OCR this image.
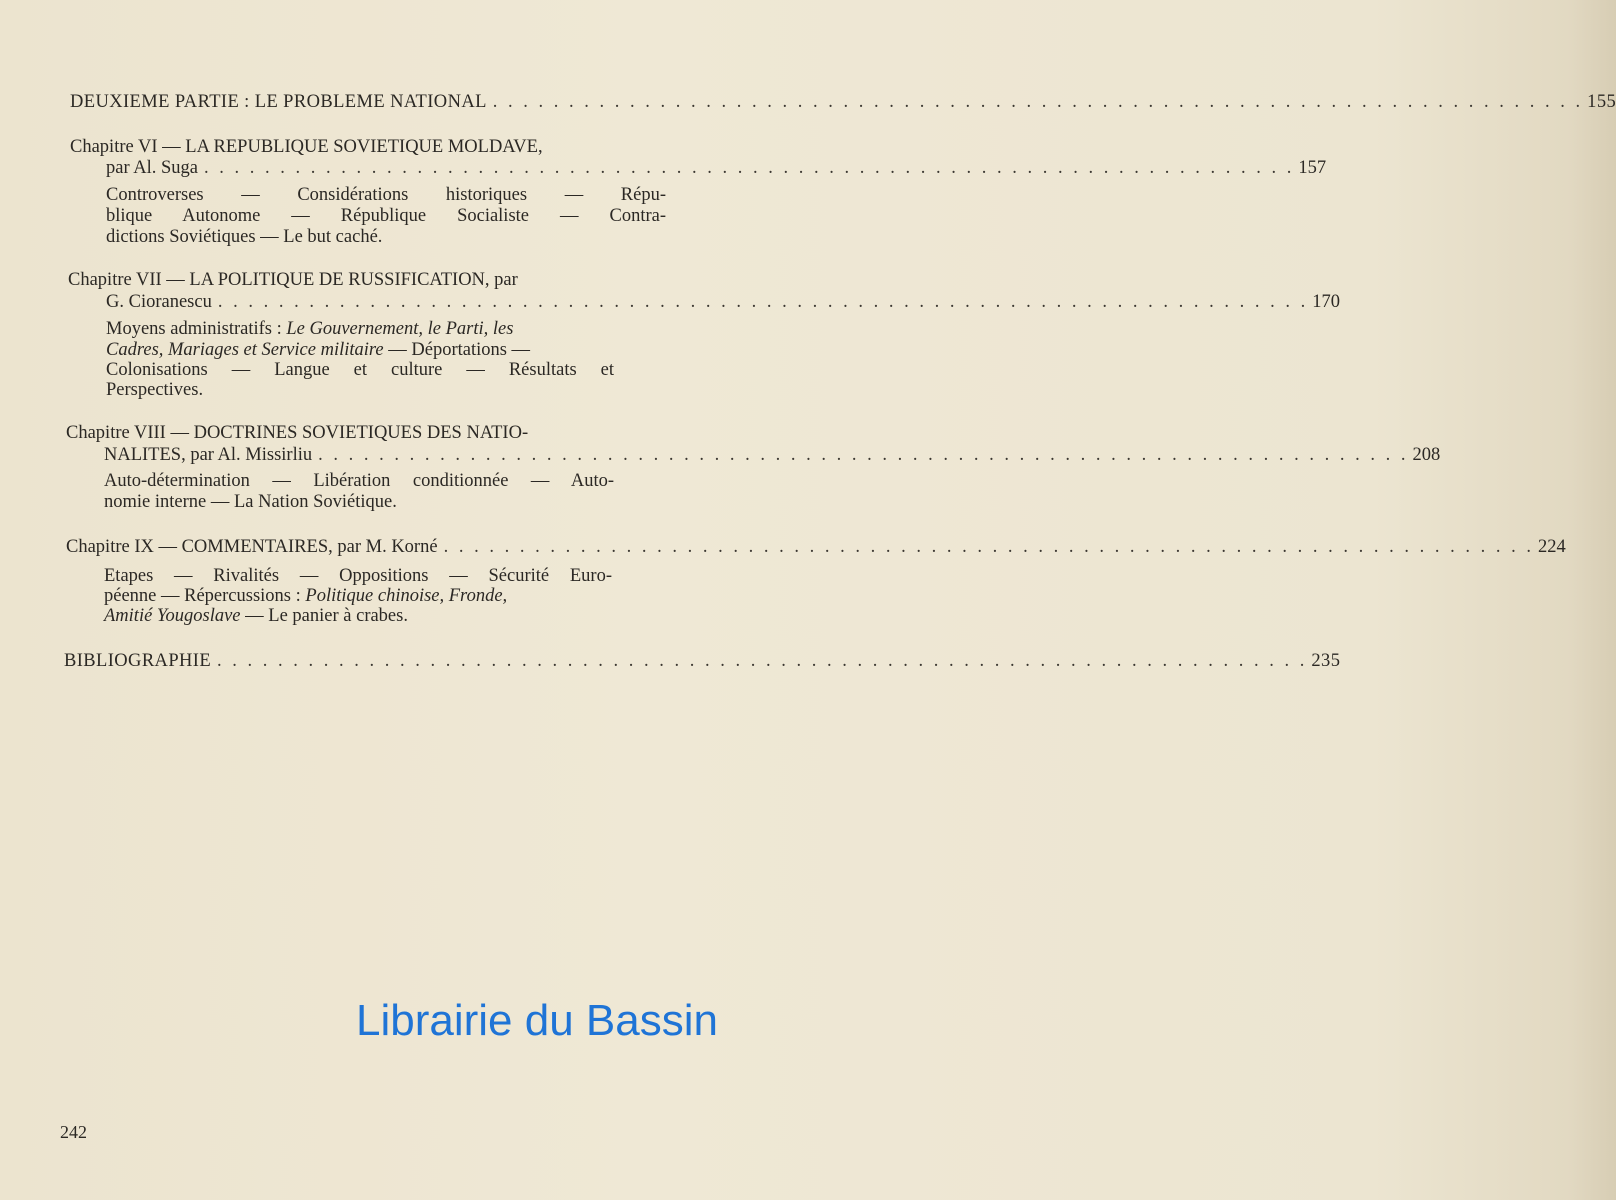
DEUXIEME PARTIE : LE PROBLEME NATIONAL . . . . . . . . . . . . . . . . . . . . . . . . . . . . . . . . . . . . . . . . . . . . . . . . . . . . . . . . . . . . . . . . . . . . . . . . 155
Chapitre VI — LA REPUBLIQUE SOVIETIQUE MOLDAVE,
par Al. Suga . . . . . . . . . . . . . . . . . . . . . . . . . . . . . . . . . . . . . . . . . . . . . . . . . . . . . . . . . . . . . . . . . . . . . . . . 157
Controverses — Considérations historiques — Répu-
blique Autonome — République Socialiste — Contra-
dictions Soviétiques — Le but caché.
Chapitre VII — LA POLITIQUE DE RUSSIFICATION, par
G. Cioranescu . . . . . . . . . . . . . . . . . . . . . . . . . . . . . . . . . . . . . . . . . . . . . . . . . . . . . . . . . . . . . . . . . . . . . . . . 170
Moyens administratifs : Le Gouvernement, le Parti, les
Cadres, Mariages et Service militaire — Déportations —
Colonisations — Langue et culture — Résultats et
Perspectives.
Chapitre VIII — DOCTRINES SOVIETIQUES DES NATIO-
NALITES, par Al. Missirliu . . . . . . . . . . . . . . . . . . . . . . . . . . . . . . . . . . . . . . . . . . . . . . . . . . . . . . . . . . . . . . . . . . . . . . . . 208
Auto-détermination — Libération conditionnée — Auto-
nomie interne — La Nation Soviétique.
Chapitre IX — COMMENTAIRES, par M. Korné . . . . . . . . . . . . . . . . . . . . . . . . . . . . . . . . . . . . . . . . . . . . . . . . . . . . . . . . . . . . . . . . . . . . . . . . 224
Etapes — Rivalités — Oppositions — Sécurité Euro-
péenne — Répercussions : Politique chinoise, Fronde,
Amitié Yougoslave — Le panier à crabes.
BIBLIOGRAPHIE . . . . . . . . . . . . . . . . . . . . . . . . . . . . . . . . . . . . . . . . . . . . . . . . . . . . . . . . . . . . . . . . . . . . . . . . 235
Librairie du Bassin
242
